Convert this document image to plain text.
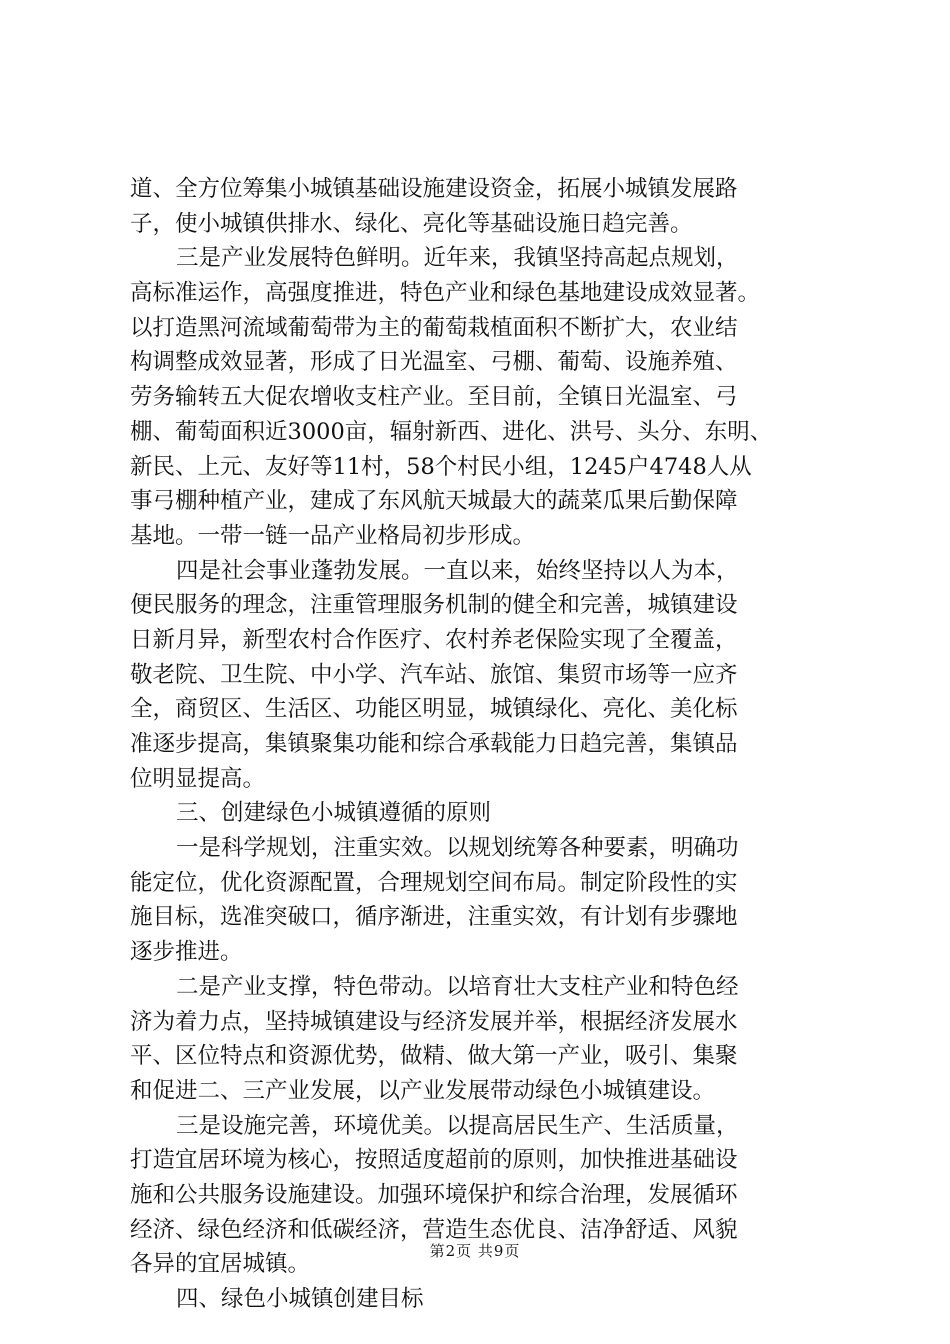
道、全方位筹集小城镇基础设施建设资金，拓展小城镇发展路
子，使小城镇供排水、绿化、亮化等基础设施日趋完善。
三是产业发展特色鲜明。近年来，我镇坚持高起点规划，
高标准运作，高强度推进，特色产业和绿色基地建设成效显著。
以打造黑河流域葡萄带为主的葡萄栽植面积不断扩大，农业结
构调整成效显著，形成了日光温室、弓棚、葡萄、设施养殖、
劳务输转五大促农增收支柱产业。至目前，全镇日光温室、弓
棚、葡萄面积近3000亩，辐射新西、进化、洪号、头分、东明、
新民、上元、友好等11村，58个村民小组，1245户4748人从
事弓棚种植产业，建成了东风航天城最大的蔬菜瓜果后勤保障
基地。一带一链一品产业格局初步形成。
四是社会事业蓬勃发展。一直以来，始终坚持以人为本，
便民服务的理念，注重管理服务机制的健全和完善，城镇建设
日新月异，新型农村合作医疗、农村养老保险实现了全覆盖，
敬老院、卫生院、中小学、汽车站、旅馆、集贸市场等一应齐
全，商贸区、生活区、功能区明显，城镇绿化、亮化、美化标
准逐步提高，集镇聚集功能和综合承载能力日趋完善，集镇品
位明显提高。
三、创建绿色小城镇遵循的原则
一是科学规划，注重实效。以规划统筹各种要素，明确功
能定位，优化资源配置，合理规划空间布局。制定阶段性的实
施目标，选准突破口，循序渐进，注重实效，有计划有步骤地
逐步推进。
二是产业支撑，特色带动。以培育壮大支柱产业和特色经
济为着力点，坚持城镇建设与经济发展并举，根据经济发展水
平、区位特点和资源优势，做精、做大第一产业，吸引、集聚
和促进二、三产业发展，以产业发展带动绿色小城镇建设。
三是设施完善，环境优美。以提高居民生产、生活质量，
打造宜居环境为核心，按照适度超前的原则，加快推进基础设
施和公共服务设施建设。加强环境保护和综合治理，发展循环
经济、绿色经济和低碳经济，营造生态优良、洁净舒适、风貌
各异的宜居城镇。
四、绿色小城镇创建目标
第2页 共9页
